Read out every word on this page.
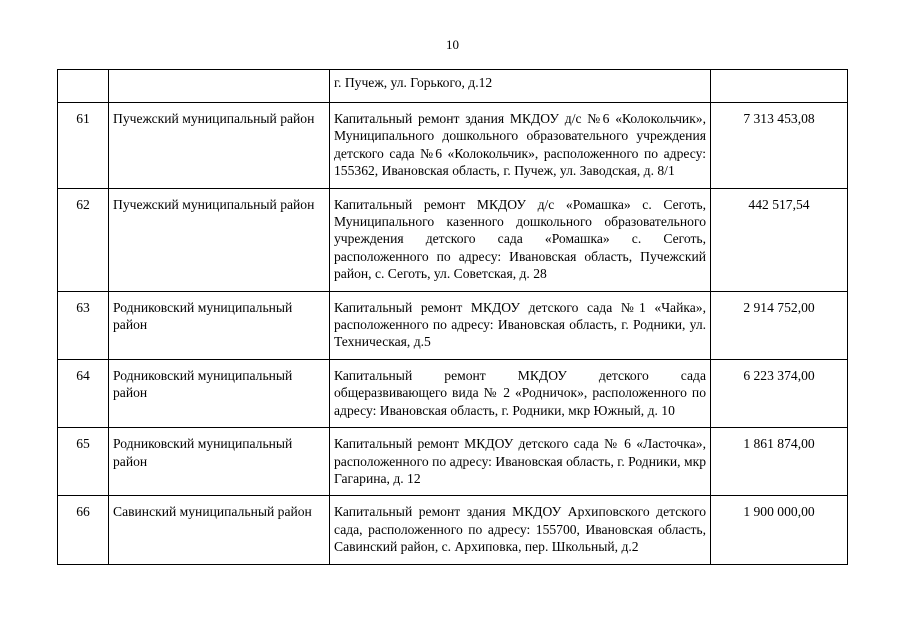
10
		г. Пучеж, ул. Горького, д.12	
61	Пучежский муниципальный район	Капитальный ремонт здания МКДОУ д/с №6 «Колокольчик», Муниципального дошкольного образовательного учреждения детского сада №6 «Колокольчик», расположенного по адресу: 155362, Ивановская область, г. Пучеж, ул. Заводская, д. 8/1	7 313 453,08
62	Пучежский муниципальный район	Капитальный ремонт МКДОУ д/с «Ромашка» с. Сеготь, Муниципального казенного дошкольного образовательного учреждения детского сада «Ромашка» с. Сеготь, расположенного по адресу: Ивановская область, Пучежский район, с. Сеготь, ул. Советская, д. 28	442 517,54
63	Родниковский муниципальный район	Капитальный ремонт МКДОУ детского сада №1 «Чайка», расположенного по адресу: Ивановская область, г. Родники, ул. Техническая, д.5	2 914 752,00
64	Родниковский муниципальный район	Капитальный ремонт МКДОУ детского сада общеразвивающего вида № 2 «Родничок», расположенного по адресу: Ивановская область, г. Родники, мкр Южный, д. 10	6 223 374,00
65	Родниковский муниципальный район	Капитальный ремонт МКДОУ детского сада № 6 «Ласточка», расположенного по адресу: Ивановская область, г. Родники, мкр Гагарина, д. 12	1 861 874,00
66	Савинский муниципальный район	Капитальный ремонт здания МКДОУ Архиповского детского сада, расположенного по адресу: 155700, Ивановская область, Савинский район, с. Архиповка, пер. Школьный, д.2	1 900 000,00
